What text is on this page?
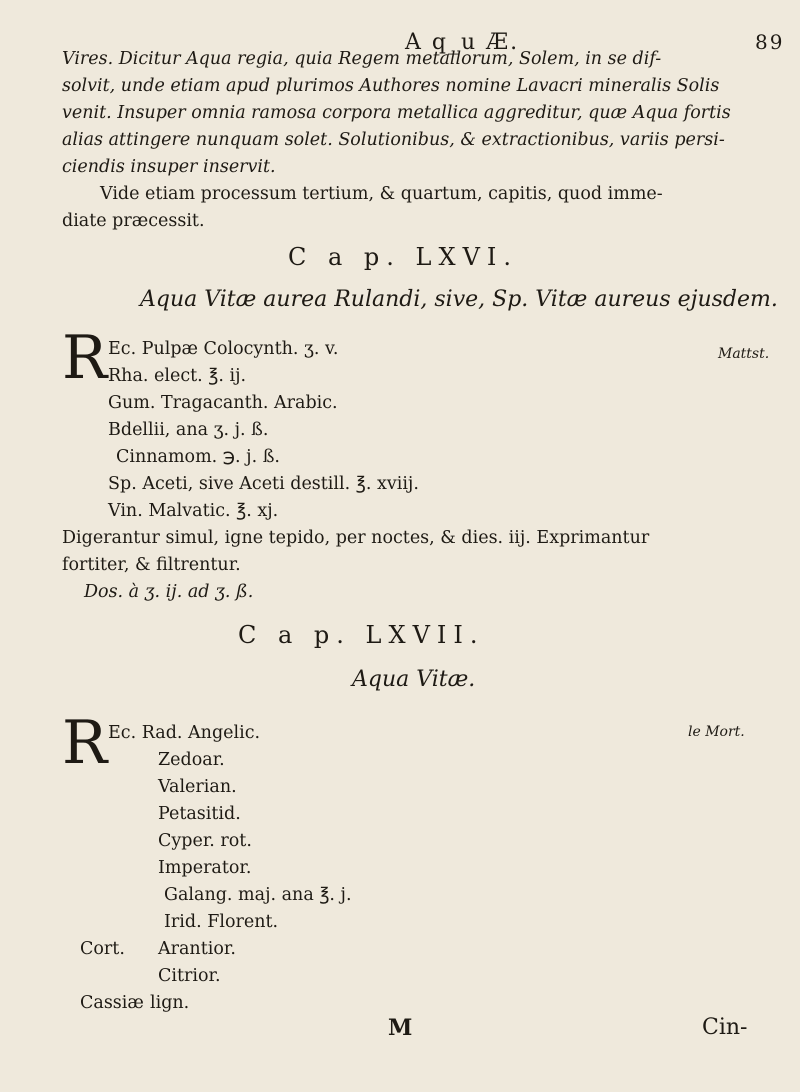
A q_u Æ.	89
Vires. Dicitur Aqua regia, quia Regem metallorum, Solem, in se dif-
solvit, unde etiam apud plurimos Authores nomine Lavacri mineralis Solis
venit. Insuper omnia ramosa corpora metallica aggreditur, quæ Aqua fortis
alias attingere nunquam solet. Solutionibus, & extractionibus, variis persi-
ciendis insuper inservit.
Vide etiam processum tertium, & quartum, capitis, quod imme-
diate præcessit.
C a p. LXVI.
Aqua Vitæ aurea Rulandi, sive, Sp. Vitæ aureus ejusdem.
R	Mattst.
Ec. Pulpæ Colocynth. ʒ. v.
Rha. elect. ℥. ij.
Gum. Tragacanth. Arabic.
Bdellii, ana ʒ. j. ß.
Cinnamom. ℈. j. ß.
Sp. Aceti, sive Aceti destill. ℥. xviij.
Vin. Malvatic. ℥. xj.
Digerantur simul, igne tepido, per noctes, & dies. iij. Exprimantur
fortiter, & filtrentur.
Dos. à ʒ. ij. ad ʒ. ß.
C a p. LXVII.
Aqua Vitæ.
R	le Mort.
Ec. Rad. Angelic.
Zedoar.
Valerian.
Petasitid.
Cyper. rot.
Imperator.
Galang. maj. ana ℥. j.
Irid. Florent.
Cort. Arantior.
Citrior.
Cassiæ lign.
M	Cin-
